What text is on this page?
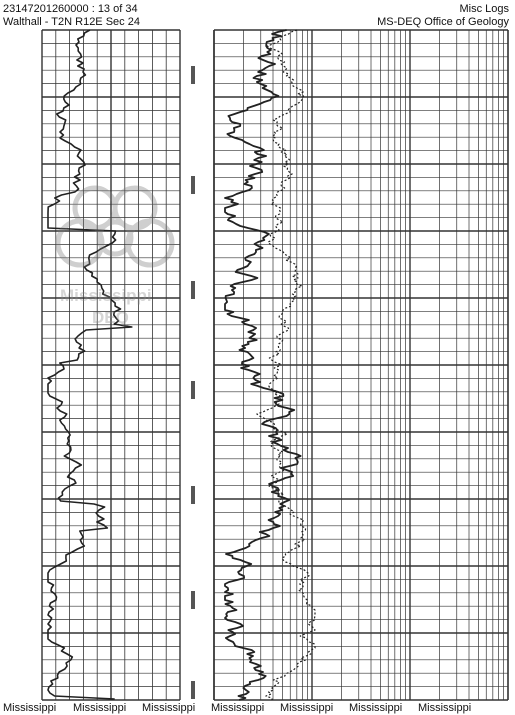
23147201260000 : 13 of 34
Walthall - T2N R12E Sec 24
Misc Logs
MS-DEQ Office of Geology
Mississippi
DEQ
Mississippi Mississippi Mississippi Mississippi Mississippi Mississippi Mississippi
